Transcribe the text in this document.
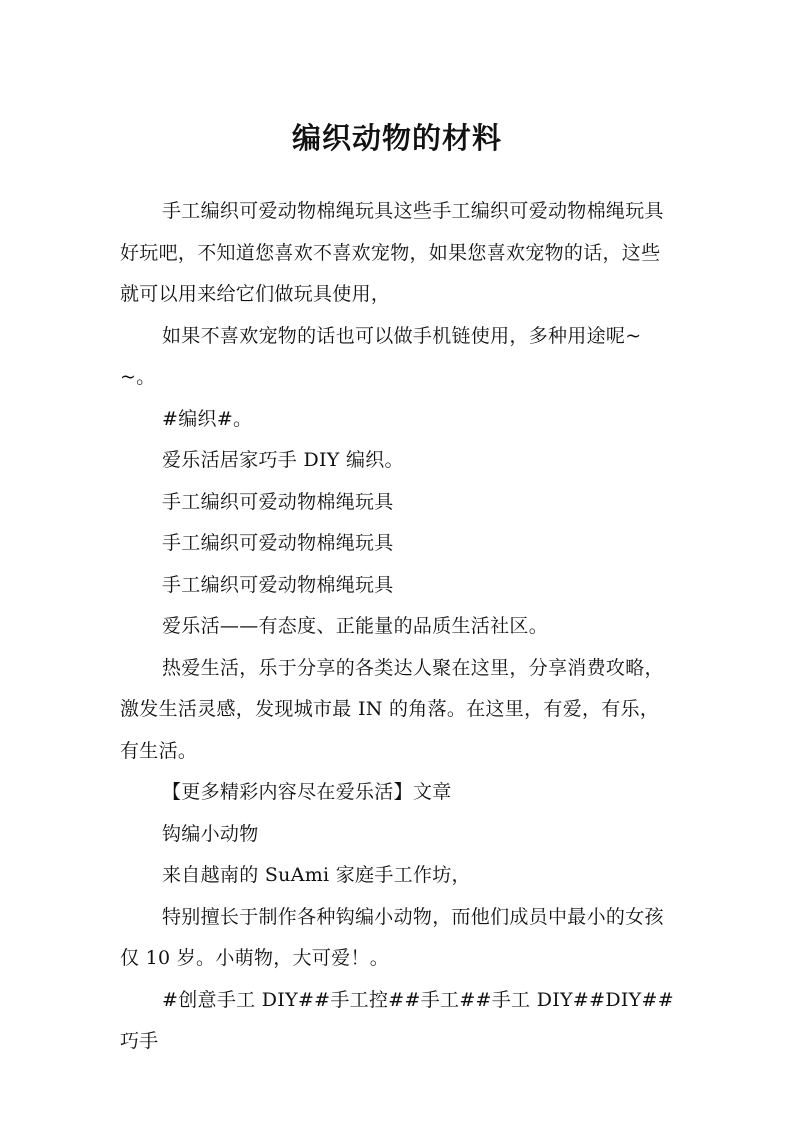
编织动物的材料

手工编织可爱动物棉绳玩具这些手工编织可爱动物棉绳玩具好玩吧，不知道您喜欢不喜欢宠物，如果您喜欢宠物的话，这些就可以用来给它们做玩具使用，

如果不喜欢宠物的话也可以做手机链使用，多种用途呢~~。

#编织#。

爱乐活居家巧手 DIY 编织。

手工编织可爱动物棉绳玩具

手工编织可爱动物棉绳玩具

手工编织可爱动物棉绳玩具

爱乐活——有态度、正能量的品质生活社区。

热爱生活，乐于分享的各类达人聚在这里，分享消费攻略，激发生活灵感，发现城市最 IN 的角落。在这里，有爱，有乐，有生活。

【更多精彩内容尽在爱乐活】文章

钩编小动物

来自越南的 SuAmi 家庭手工作坊，

特别擅长于制作各种钩编小动物，而他们成员中最小的女孩仅 10 岁。小萌物，大可爱！。

#创意手工 DIY##手工控##手工##手工 DIY##DIY##巧手
